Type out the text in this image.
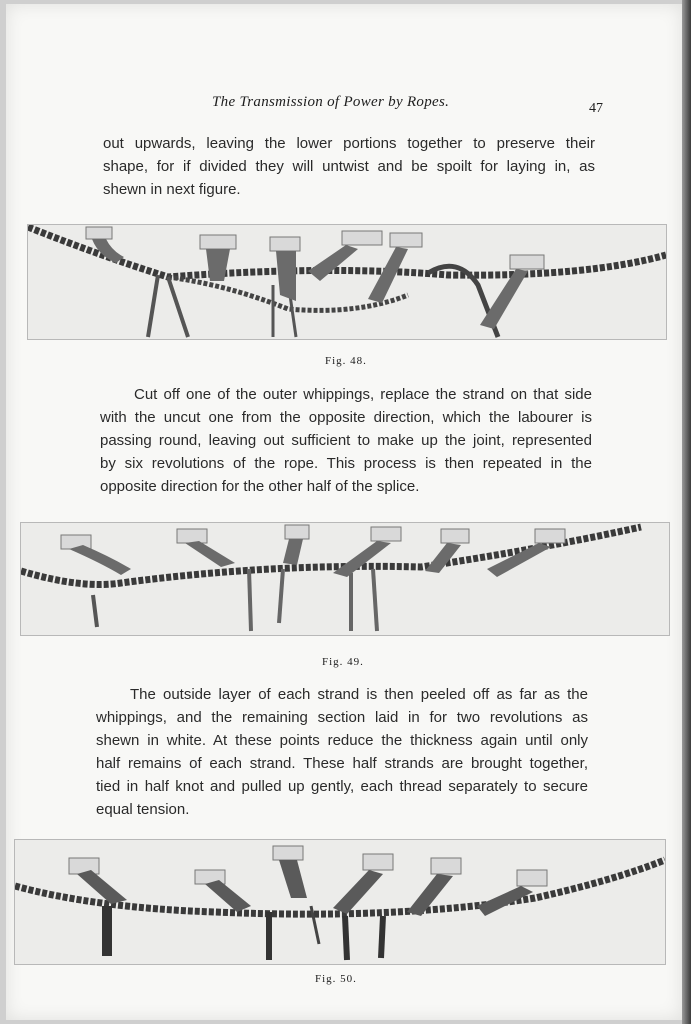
The Transmission of Power by Ropes.	47
out upwards, leaving the lower portions together to preserve their
shape, for if divided they will untwist and be spoilt for laying in, as
shewn in next figure.
Fig. 48.
Cut off one of the outer whippings, replace the strand on that side
with the uncut one from the opposite direction, which the labourer is
passing round, leaving out sufficient to make up the joint, represented
by six revolutions of the rope. This process is then repeated in the
opposite direction for the other half of the splice.
Fig. 49.
The outside layer of each strand is then peeled off as far as the
whippings, and the remaining section laid in for two revolutions as
shewn in white. At these points reduce the thickness again until only
half remains of each strand. These half strands are brought together,
tied in half knot and pulled up gently, each thread separately to secure
equal tension.
Fig. 50.
